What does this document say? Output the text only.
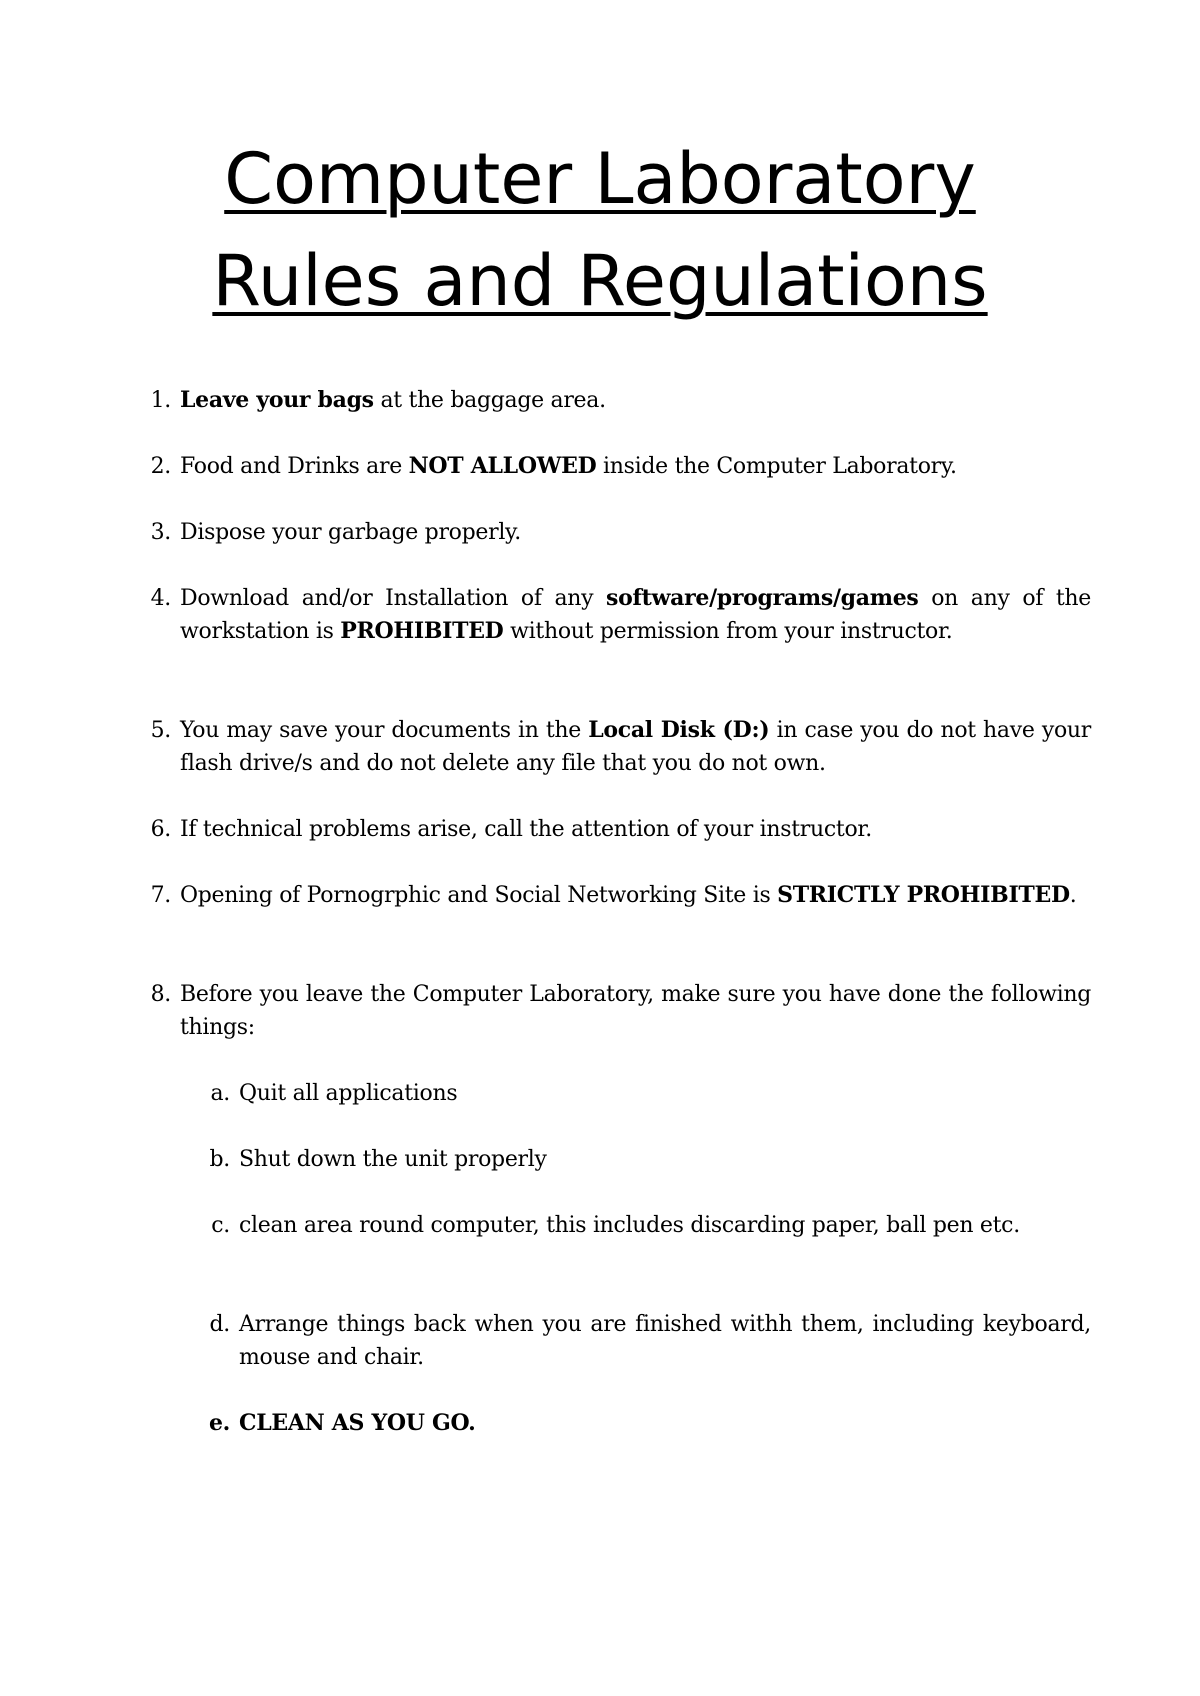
Computer Laboratory
Rules and Regulations
1. Leave your bags at the baggage area.
2. Food and Drinks are NOT ALLOWED inside the Computer Laboratory.
3. Dispose your garbage properly.
4. Download and/or Installation of any software/programs/games on any of the workstation is PROHIBITED without permission from your instructor.
5. You may save your documents in the Local Disk (D:) in case you do not have your flash drive/s and do not delete any file that you do not own.
6. If technical problems arise, call the attention of your instructor.
7. Opening of Pornogrphic and Social Networking Site is STRICTLY PROHIBITED.
8. Before you leave the Computer Laboratory, make sure you have done the following things:
a. Quit all applications
b. Shut down the unit properly
c. clean area round computer, this includes discarding paper, ball pen etc.
d. Arrange things back when you are finished withh them, including keyboard, mouse and chair.
e. CLEAN AS YOU GO.
